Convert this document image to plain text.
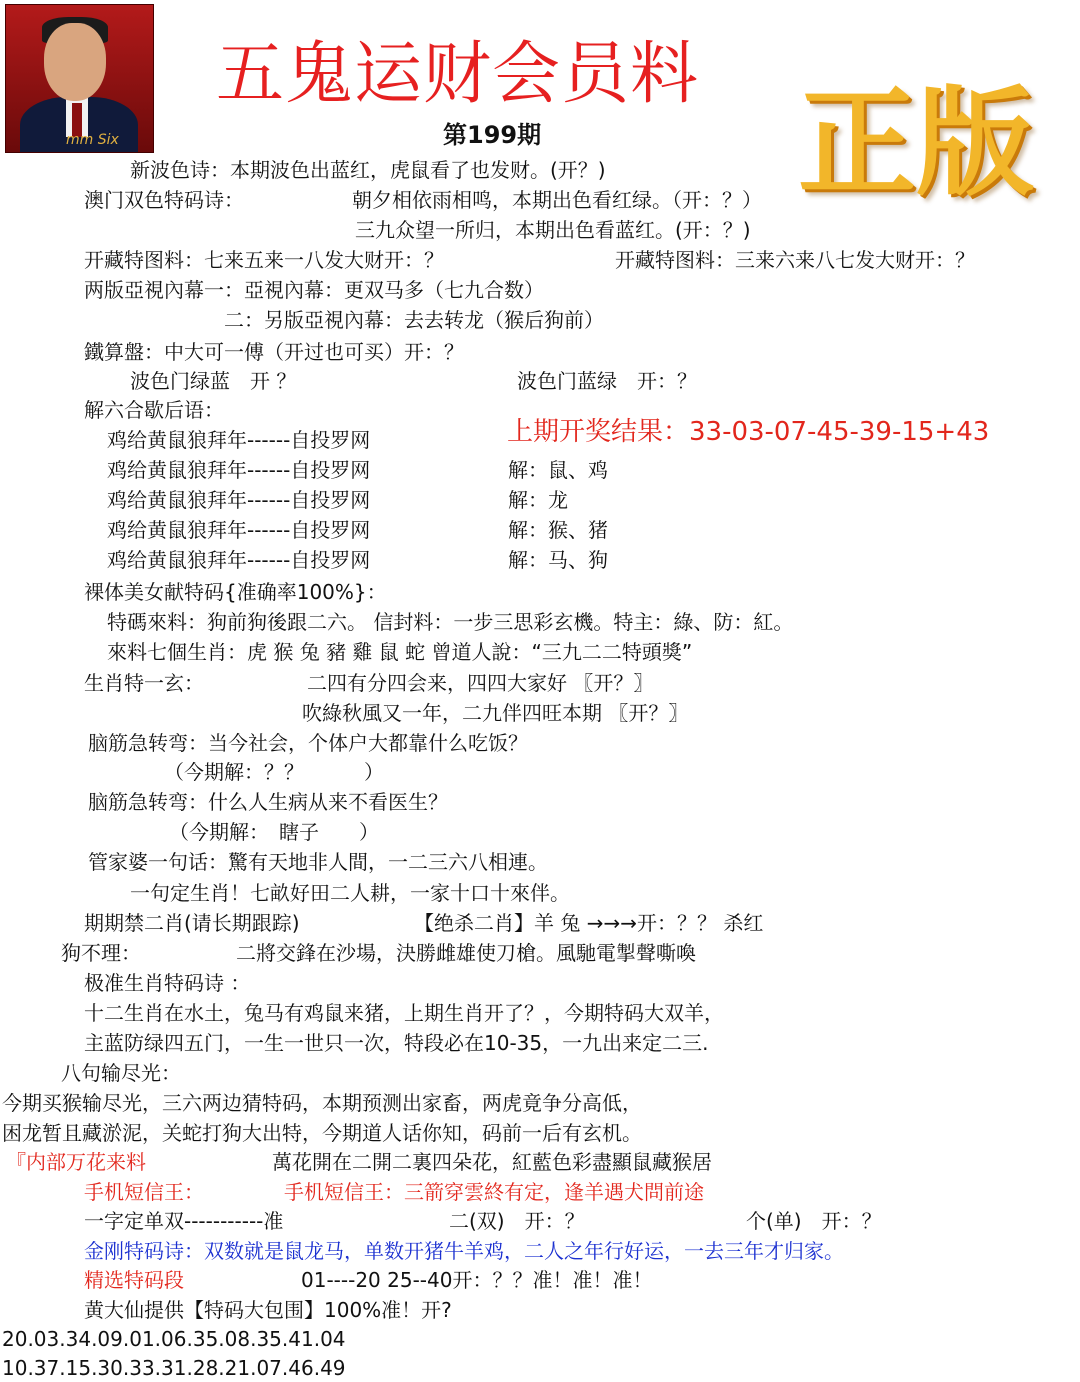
mm Six
五鬼运财会员料
第199期 正版
上期开奖结果：33-03-07-45-39-15+43
新波色诗：本期波色出蓝红，虎鼠看了也发财。(开？)
澳门双色特码诗：	朝夕相依雨相鸣，本期出色看红绿。（开：？）
三九众望一所归，本期出色看蓝红。(开：？)
开藏特图料：七来五来一八发大财开：？	开藏特图料：三来六来八七发大财开：？
两版亞視內幕一：亞視內幕：更双马多（七九合数）
二：另版亞視內幕：去去转龙（猴后狗前）
鐵算盤：中大可一傅（开过也可买）开：？
波色门绿蓝　开 ？	波色门蓝绿　开：？
解六合歇后语：
鸡给黄鼠狼拜年------自投罗网
鸡给黄鼠狼拜年------自投罗网	解：鼠、鸡
鸡给黄鼠狼拜年------自投罗网	解：龙
鸡给黄鼠狼拜年------自投罗网	解：猴、猪
鸡给黄鼠狼拜年------自投罗网	解：马、狗
裸体美女献特码{准确率100%}：
特碼來料：狗前狗後跟二六。 信封料：一步三思彩玄機。特主：綠、防：紅。
來料七個生肖：虎 猴 兔 豬 雞 鼠 蛇 曾道人說：“三九二二特頭獎”
生肖特一玄：	二四有分四会来，四四大家好 〖开？〗
吹綠秋風又一年，二九伴四旺本期 〖开？〗
脑筋急转弯：当今社会，个体户大都靠什么吃饭？
（今期解：？？　　　）
脑筋急转弯：什么人生病从来不看医生？
（今期解：　瞎子　　）
管家婆一句话：驚有天地非人間，一二三六八相連。
一句定生肖！七畝好田二人耕，一家十口十來伴。
期期禁二肖(请长期跟踪)	【绝杀二肖】羊 兔 →→→开：？？ 杀红
狗不理：	二將交鋒在沙場，決勝雌雄使刀槍。風馳電掣聲嘶喚
极准生肖特码诗 ：
十二生肖在水土，兔马有鸡鼠来猪，上期生肖开了？，今期特码大双羊，
主蓝防绿四五门，一生一世只一次，特段必在10-35，一九出来定二三.
八句输尽光：
今期买猴输尽光，三六两边猜特码，本期预测出家畜，两虎竟争分高低，
困龙暂且藏淤泥，关蛇打狗大出特，今期道人话你知，码前一后有玄机。
『内部万花来料	萬花開在二開二裏四朵花，紅藍色彩盡顯鼠藏猴居
手机短信王：	手机短信王：三箭穿雲終有定，逢羊遇犬問前途
一字定单双-----------准	二(双)　开：？	个(单)　开：？
金刚特码诗：双数就是鼠龙马，单数开猪牛羊鸡，二人之年行好运，一去三年才归家。
精选特码段	01----20 25--40开：？？准！准！准！
黄大仙提供【特码大包围】100%准！开?
20.03.34.09.01.06.35.08.35.41.04
10.37.15.30.33.31.28.21.07.46.49
